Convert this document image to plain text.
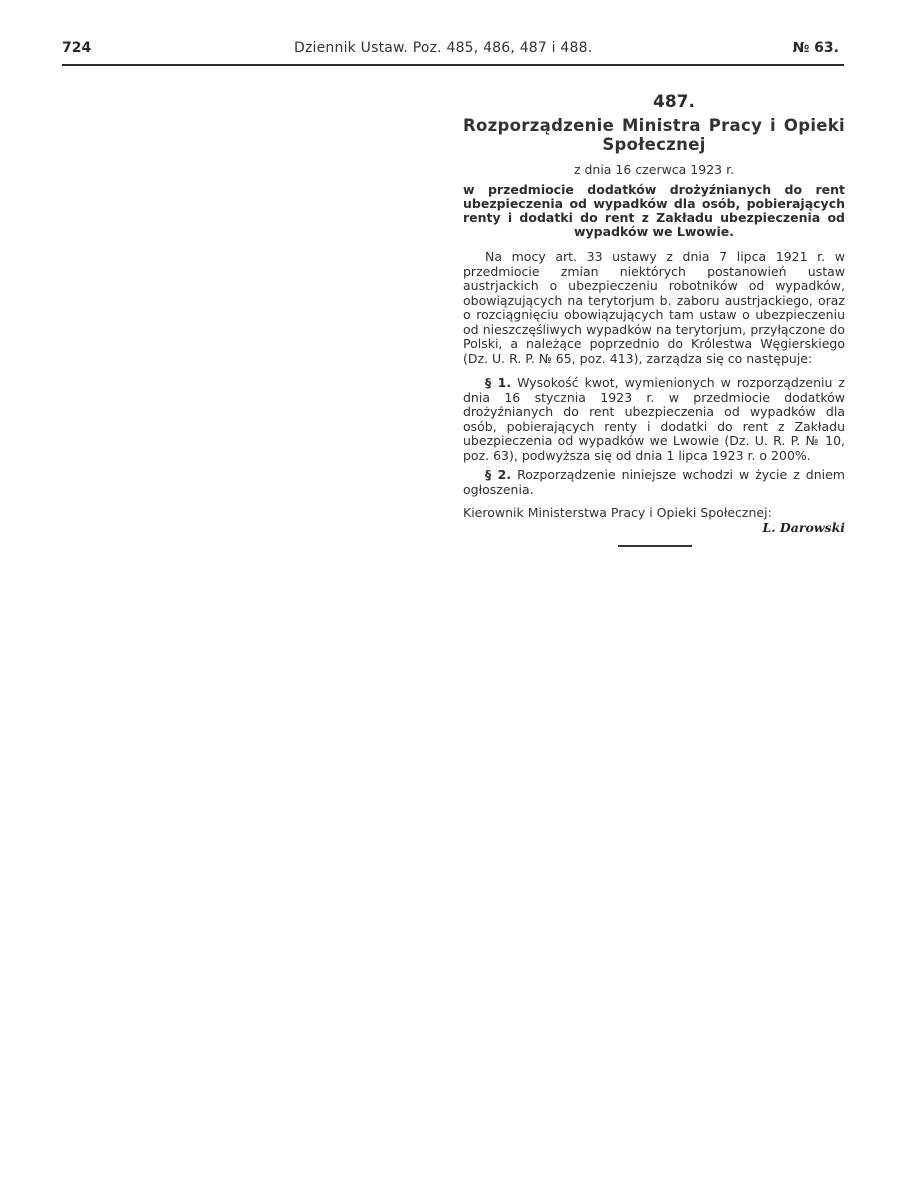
724	Dziennik Ustaw. Poz. 485, 486, 487 i 488.	№ 63.
487.
Rozporządzenie Ministra Pracy i Opieki Społecznej
z dnia 16 czerwca 1923 r.
w przedmiocie dodatków drożyźnianych do rent ubezpieczenia od wypadków dla osób, pobierających renty i dodatki do rent z Zakładu ubezpieczenia od wypadków we Lwowie.

Na mocy art. 33 ustawy z dnia 7 lipca 1921 r. w przedmiocie zmian niektórych postanowień ustaw austrjackich o ubezpieczeniu robotników od wypadków, obowiązujących na terytorjum b. zaboru austrjackiego, oraz o rozciągnięciu obowiązujących tam ustaw o ubezpieczeniu od nieszczęśliwych wypadków na terytorjum, przyłączone do Polski, a należące poprzednio do Królestwa Węgierskiego (Dz. U. R. P. № 65, poz. 413), zarządza się co następuje:

§ 1. Wysokość kwot, wymienionych w rozporządzeniu z dnia 16 stycznia 1923 r. w przedmiocie dodatków drożyźnianych do rent ubezpieczenia od wypadków dla osób, pobierających renty i dodatki do rent z Zakładu ubezpieczenia od wypadków we Lwowie (Dz. U. R. P. № 10, poz. 63), podwyższa się od dnia 1 lipca 1923 r. o 200%.

§ 2. Rozporządzenie niniejsze wchodzi w życie z dniem ogłoszenia.

Kierownik Ministerstwa Pracy i Opieki Społecznej:
L. Darowski
